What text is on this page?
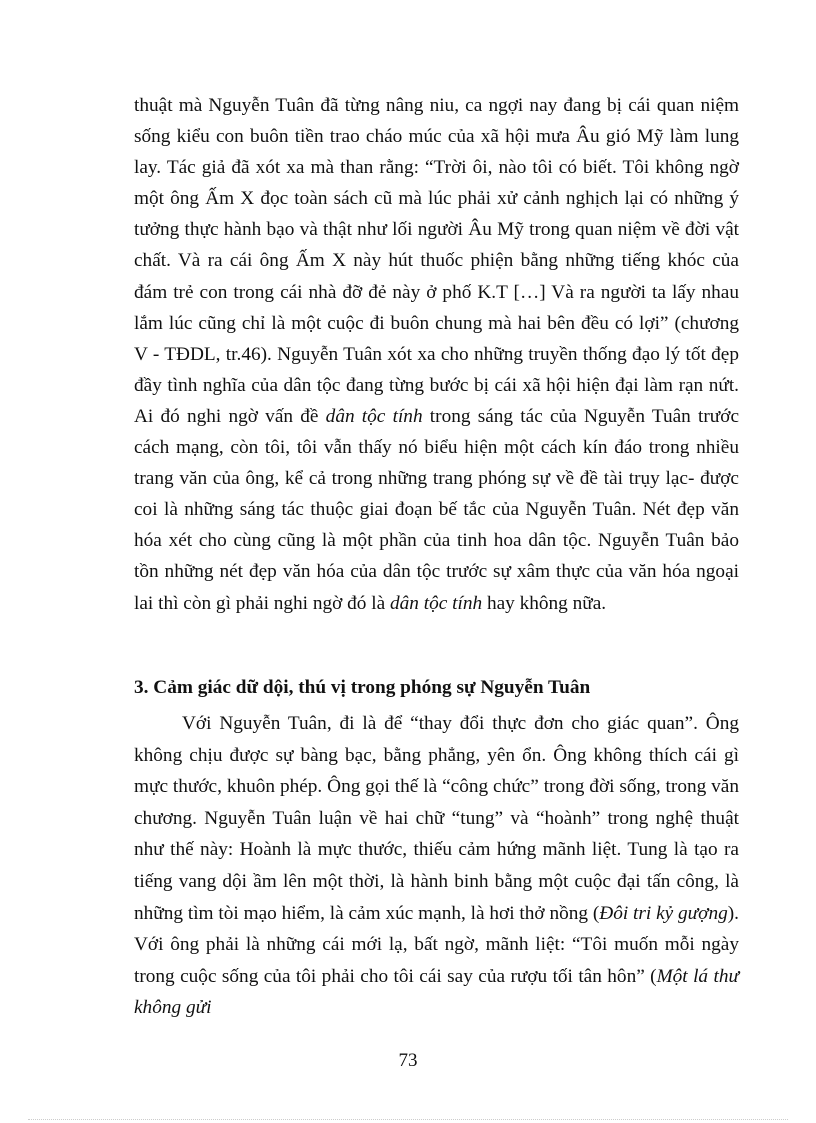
thuật mà Nguyễn Tuân đã từng nâng niu, ca ngợi nay đang bị cái quan niệm sống kiểu con buôn tiền trao cháo múc của xã hội mưa Âu gió Mỹ làm lung lay. Tác giả đã xót xa mà than rằng: “Trời ôi, nào tôi có biết. Tôi không ngờ một ông Ấm X đọc toàn sách cũ mà lúc phải xử cảnh nghịch lại có những ý tưởng thực hành bạo và thật như lối người Âu Mỹ trong quan niệm về đời vật chất. Và ra cái ông Ấm X này hút thuốc phiện bằng những tiếng khóc của đám trẻ con trong cái nhà đỡ đẻ này ở phố K.T […] Và ra người ta lấy nhau lắm lúc cũng chỉ là một cuộc đi buôn chung mà hai bên đều có lợi” (chương V - TĐDL, tr.46). Nguyễn Tuân xót xa cho những truyền thống đạo lý tốt đẹp đầy tình nghĩa của dân tộc đang từng bước bị cái xã hội hiện đại làm rạn nứt. Ai đó nghi ngờ vấn đề dân tộc tính trong sáng tác của Nguyễn Tuân trước cách mạng, còn tôi, tôi vẫn thấy nó biểu hiện một cách kín đáo trong nhiều trang văn của ông, kể cả trong những trang phóng sự về đề tài trụy lạc- được coi là những sáng tác thuộc giai đoạn bế tắc của Nguyễn Tuân. Nét đẹp văn hóa xét cho cùng cũng là một phần của tinh hoa dân tộc. Nguyễn Tuân bảo tồn những nét đẹp văn hóa của dân tộc trước sự xâm thực của văn hóa ngoại lai thì còn gì phải nghi ngờ đó là dân tộc tính hay không nữa.
3. Cảm giác dữ dội, thú vị trong phóng sự Nguyễn Tuân
Với Nguyễn Tuân, đi là để “thay đổi thực đơn cho giác quan”. Ông không chịu được sự bàng bạc, bằng phẳng, yên ổn. Ông không thích cái gì mực thước, khuôn phép. Ông gọi thế là “công chức” trong đời sống, trong văn chương. Nguyễn Tuân luận về hai chữ “tung” và “hoành” trong nghệ thuật như thế này: Hoành là mực thước, thiếu cảm hứng mãnh liệt. Tung là tạo ra tiếng vang dội ầm lên một thời, là hành binh bằng một cuộc đại tấn công, là những tìm tòi mạo hiểm, là cảm xúc mạnh, là hơi thở nồng (Đôi tri kỷ gượng). Với ông phải là những cái mới lạ, bất ngờ, mãnh liệt: “Tôi muốn mỗi ngày trong cuộc sống của tôi phải cho tôi cái say của rượu tối tân hôn” (Một lá thư không gửi
73
